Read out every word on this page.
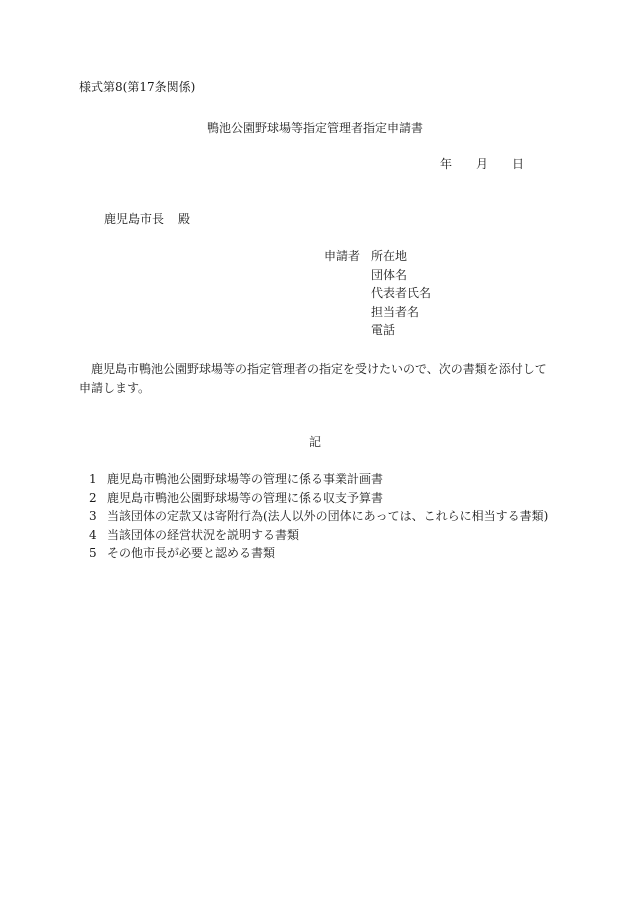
様式第8(第17条関係)
鴨池公園野球場等指定管理者指定申請書
年 月 日
鹿児島市長 殿
申請者 所在地
団体名
代表者氏名
担当者名
電話
鹿児島市鴨池公園野球場等の指定管理者の指定を受けたいので、次の書類を添付して申請します。
記
1 鹿児島市鴨池公園野球場等の管理に係る事業計画書
2 鹿児島市鴨池公園野球場等の管理に係る収支予算書
3 当該団体の定款又は寄附行為(法人以外の団体にあっては、これらに相当する書類)
4 当該団体の経営状況を説明する書類
5 その他市長が必要と認める書類
